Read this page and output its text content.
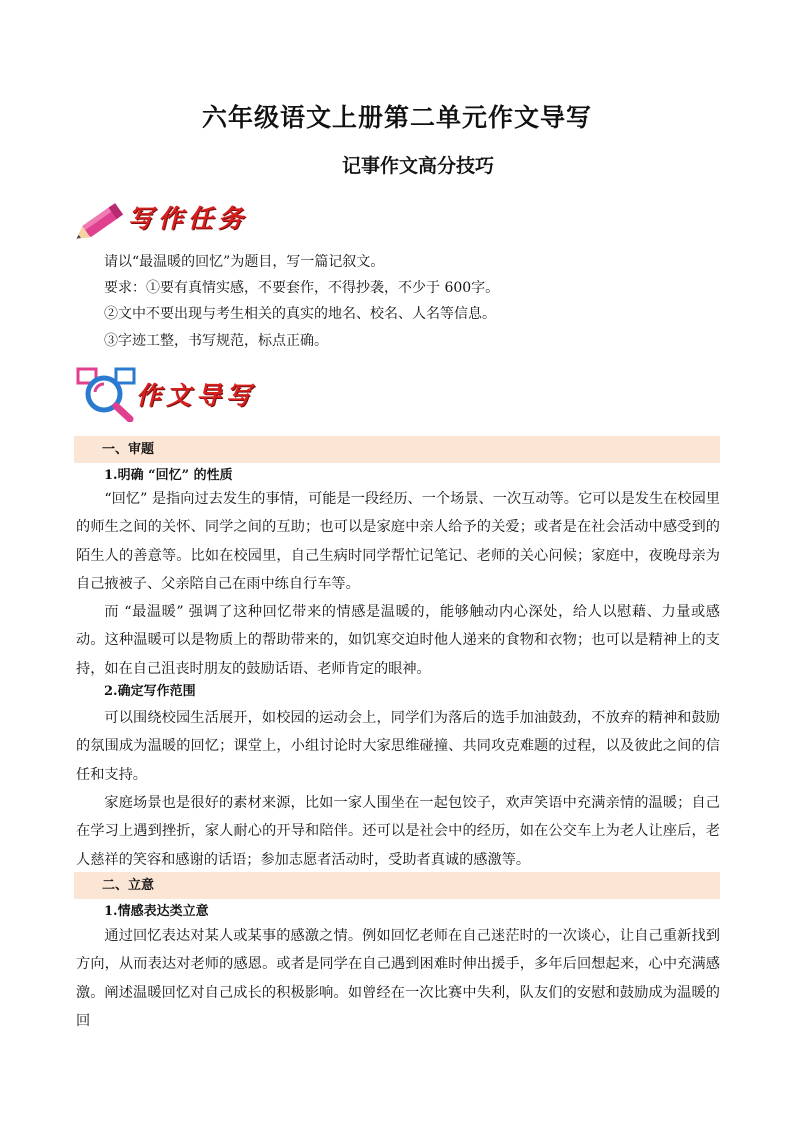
六年级语文上册第二单元作文导写
记事作文高分技巧
写作任务
请以“最温暖的回忆”为题目，写一篇记叙文。
要求：①要有真情实感，不要套作，不得抄袭，不少于 600字。
②文中不要出现与考生相关的真实的地名、校名、人名等信息。
③字迹工整，书写规范，标点正确。
作文导写
一、审题
1.明确 “回忆” 的性质

“回忆” 是指向过去发生的事情，可能是一段经历、一个场景、一次互动等。它可以是发生在校园里的师生之间的关怀、同学之间的互助；也可以是家庭中亲人给予的关爱；或者是在社会活动中感受到的陌生人的善意等。比如在校园里，自己生病时同学帮忙记笔记、老师的关心问候；家庭中，夜晚母亲为自己掖被子、父亲陪自己在雨中练自行车等。

而 “最温暖” 强调了这种回忆带来的情感是温暖的，能够触动内心深处，给人以慰藉、力量或感动。这种温暖可以是物质上的帮助带来的，如饥寒交迫时他人递来的食物和衣物；也可以是精神上的支持，如在自己沮丧时朋友的鼓励话语、老师肯定的眼神。

2.确定写作范围

可以围绕校园生活展开，如校园的运动会上，同学们为落后的选手加油鼓劲，不放弃的精神和鼓励的氛围成为温暖的回忆；课堂上，小组讨论时大家思维碰撞、共同攻克难题的过程，以及彼此之间的信任和支持。

家庭场景也是很好的素材来源，比如一家人围坐在一起包饺子，欢声笑语中充满亲情的温暖；自己在学习上遇到挫折，家人耐心的开导和陪伴。还可以是社会中的经历，如在公交车上为老人让座后，老人慈祥的笑容和感谢的话语；参加志愿者活动时，受助者真诚的感激等。

二、立意
1.情感表达类立意

通过回忆表达对某人或某事的感激之情。例如回忆老师在自己迷茫时的一次谈心，让自己重新找到方向，从而表达对老师的感恩。或者是同学在自己遇到困难时伸出援手，多年后回想起来，心中充满感激。 阐述温暖回忆对自己成长的积极影响。如曾经在一次比赛中失利，队友们的安慰和鼓励成为温暖的回
